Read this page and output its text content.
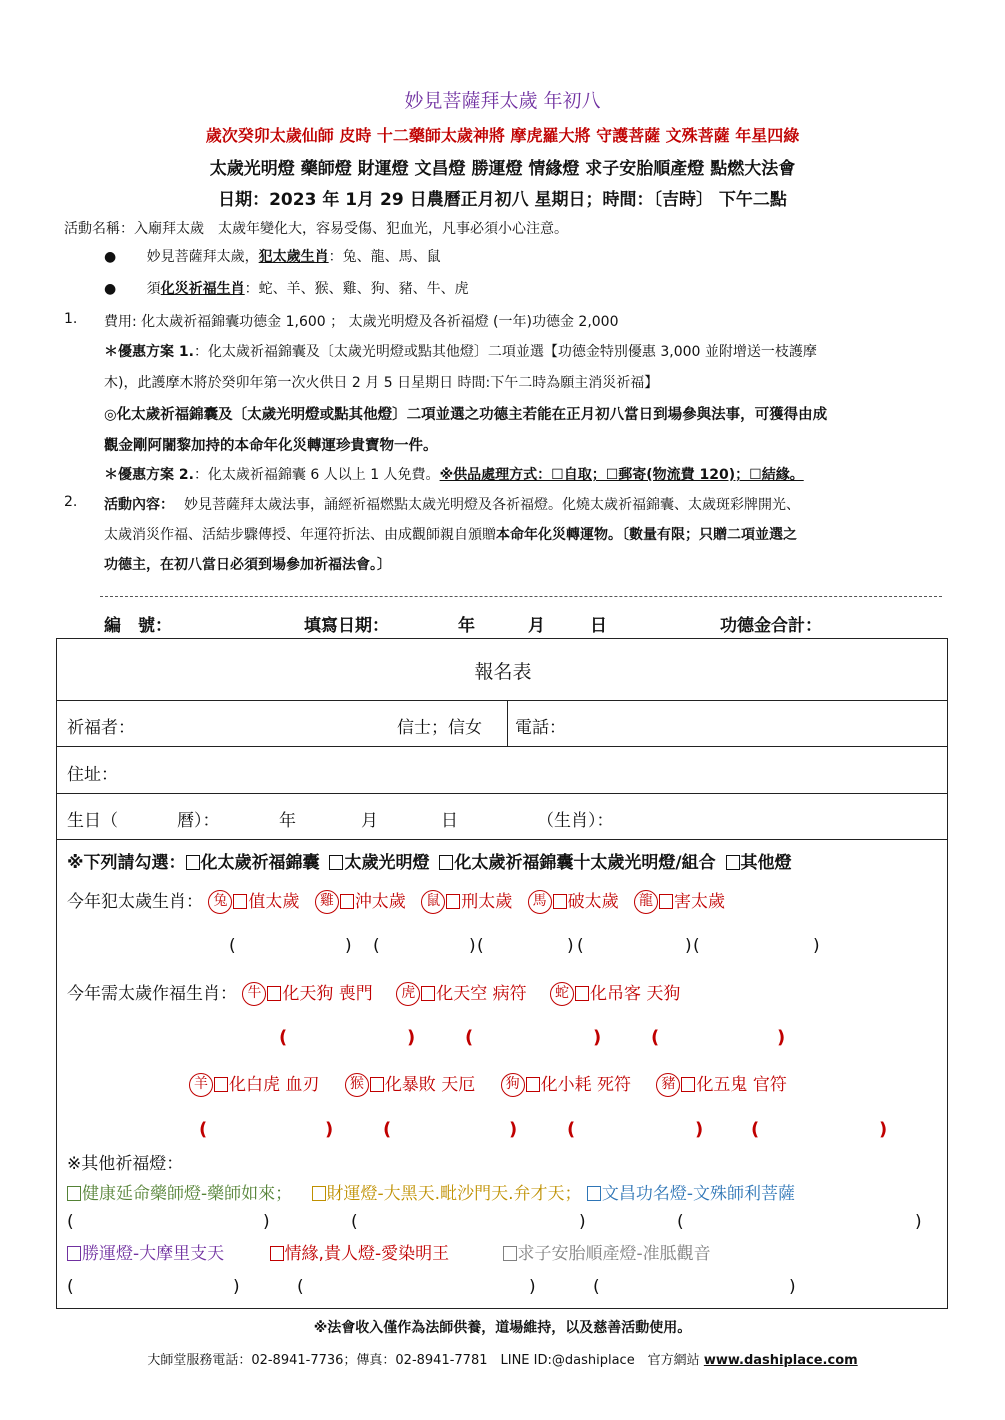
妙見菩薩拜太歲 年初八
歲次癸卯太歲仙師 皮時 十二藥師太歲神將 摩虎羅大將 守護菩薩 文殊菩薩 年星四綠
太歲光明燈 藥師燈 財運燈 文昌燈 勝運燈 情緣燈 求子安胎順產燈 點燃大法會
日期：2023 年 1月 29 日農曆正月初八 星期日；時間：〔吉時〕 下午二點
活動名稱：入廟拜太歲　太歲年變化大，容易受傷、犯血光，凡事必須小心注意。
● 妙見菩薩拜太歲，犯太歲生肖：兔、龍、馬、鼠
● 須化災祈福生肖：蛇、羊、猴、雞、狗、豬、牛、虎
1. 費用: 化太歲祈福錦囊功德金 1,600 ； 太歲光明燈及各祈福燈 (一年)功德金 2,000
＊優惠方案 1.：化太歲祈福錦囊及〔太歲光明燈或點其他燈〕二項並選【功德金特別優惠 3,000 並附增送一枝護摩
木)，此護摩木將於癸卯年第一次火供日 2 月 5 日星期日 時間:下午二時為願主消災祈福】
◎化太歲祈福錦囊及〔太歲光明燈或點其他燈〕二項並選之功德主若能在正月初八當日到場參與法事，可獲得由成
觀金剛阿闍黎加持的本命年化災轉運珍貴寶物一件。
＊優惠方案 2.：化太歲祈福錦囊 6 人以上 1 人免費。※供品處理方式：☐自取；☐郵寄(物流費 120)；☐結緣。
2. 活動內容： 妙見菩薩拜太歲法事，誦經祈福燃點太歲光明燈及各祈福燈。化燒太歲祈福錦囊、太歲斑彩牌開光、
太歲消災作福、活結步驟傳授、年運符折法、由成觀師親自頒贈本命年化災轉運物。〔數量有限；只贈二項並選之
功德主，在初八當日必須到場參加祈福法會。〕
編　號：	填寫日期：	年	月	日	功德金合計：
報名表
祈福者：	信士；信女 電話：
住址：
生日（	曆）：	年	月	日	（生肖）：
※下列請勾選： 化太歲祈福錦囊 太歲光明燈 化太歲祈福錦囊十太歲光明燈/組合 其他燈
今年犯太歲生肖： 兔 值太歲 雞 沖太歲 鼠 刑太歲 馬 破太歲 龍 害太歲
(	) (	) (	) (	) (	)
今年需太歲作福生肖： 牛 化天狗 喪門 虎 化天空 病符 蛇 化吊客 天狗
(	)	(	)	(	)
羊 化白虎 血刃 猴 化暴敗 天厄 狗 化小耗 死符 豬 化五鬼 官符
(	)	(	)	(	)	(	)
※其他祈福燈：
健康延命藥師燈-藥師如來； 財運燈-大黑天.毗沙門天.弁才天； 文昌功名燈-文殊師利菩薩
(	)	(	)	(	)
勝運燈-大摩里支天	情緣,貴人燈-愛染明王	求子安胎順產燈-准胝觀音
(	)	(	)	(	)
※法會收入僅作為法師供養，道場維持，以及慈善活動使用。
大師堂服務電話：02-8941-7736；傳真：02-8941-7781　LINE ID:@dashiplace　官方網站 www.dashiplace.com
